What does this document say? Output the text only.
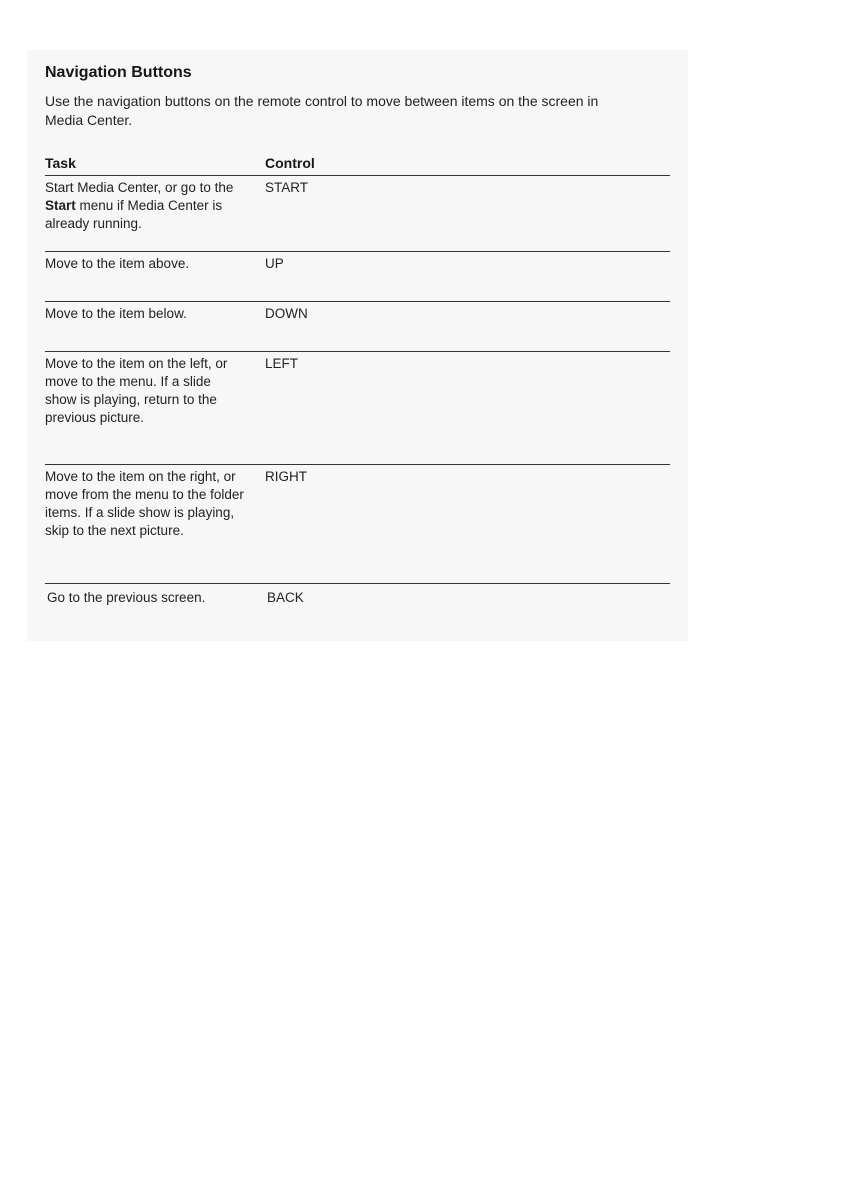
Navigation Buttons

Use the navigation buttons on the remote control to move between items on the screen in Media Center.

Task	Control

Start Media Center, or go to the Start menu if Media Center is already running.	START

Move to the item above.	UP

Move to the item below.	DOWN

Move to the item on the left, or move to the menu. If a slide show is playing, return to the previous picture.	LEFT

Move to the item on the right, or move from the menu to the folder items. If a slide show is playing, skip to the next picture.	RIGHT

Go to the previous screen.	BACK
